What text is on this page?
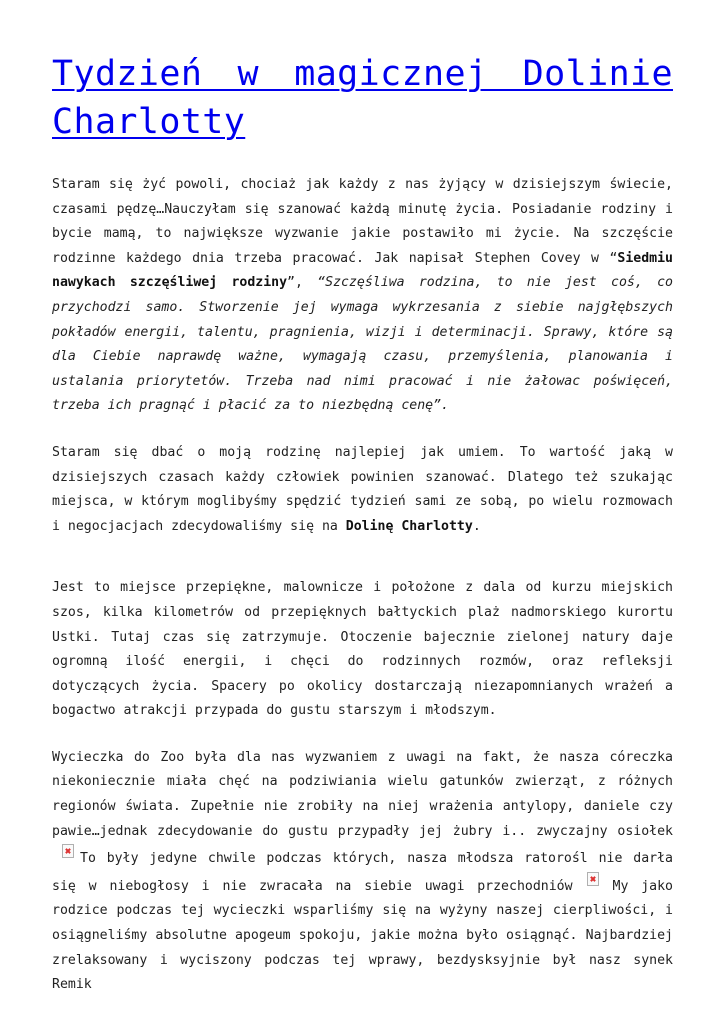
Tydzień w magicznej Dolinie Charlotty

Staram się żyć powoli, chociaż jak każdy z nas żyjący w dzisiejszym świecie, czasami pędzę…Nauczyłam się szanować każdą minutę życia. Posiadanie rodziny i bycie mamą, to największe wyzwanie jakie postawiło mi życie. Na szczęście rodzinne każdego dnia trzeba pracować. Jak napisał Stephen Covey w “Siedmiu nawykach szczęśliwej rodziny”, “Szczęśliwa rodzina, to nie jest coś, co przychodzi samo. Stworzenie jej wymaga wykrzesania z siebie najgłębszych pokładów energii, talentu, pragnienia, wizji i determinacji. Sprawy, które są dla Ciebie naprawdę ważne, wymagają czasu, przemyślenia, planowania i ustalania priorytetów. Trzeba nad nimi pracować i nie żałowac poświęceń, trzeba ich pragnąć i płacić za to niezbędną cenę”.

Staram się dbać o moją rodzinę najlepiej jak umiem. To wartość jaką w dzisiejszych czasach każdy człowiek powinien szanować. Dlatego też szukając miejsca, w którym moglibyśmy spędzić tydzień sami ze sobą, po wielu rozmowach i negocjacjach zdecydowaliśmy się na Dolinę Charlotty.

Jest to miejsce przepiękne, malownicze i położone z dala od kurzu miejskich szos, kilka kilometrów od przepięknych bałtyckich plaż nadmorskiego kurortu Ustki. Tutaj czas się zatrzymuje. Otoczenie bajecznie zielonej natury daje ogromną ilość energii, i chęci do rodzinnych rozmów, oraz refleksji dotyczących życia. Spacery po okolicy dostarczają niezapomnianych wrażeń a bogactwo atrakcji przypada do gustu starszym i młodszym.

Wycieczka do Zoo była dla nas wyzwaniem z uwagi na fakt, że nasza córeczka niekoniecznie miała chęć na podziwiania wielu gatunków zwierząt, z różnych regionów świata. Zupełnie nie zrobiły na niej wrażenia antylopy, daniele czy pawie…jednak zdecydowanie do gustu przypadły jej żubry i.. zwyczajny osiołekTo były jedyne chwile podczas których, nasza młodsza ratorośl nie darła się w niebogłosy i nie zwracała na siebie uwagi przechodniów	My jako rodzice podczas tej wycieczki wsparliśmy się na wyżyny naszej cierpliwości, i osiągneliśmy absolutne apogeum spokoju, jakie można było osiągnąć. Najbardziej zrelaksowany i wyciszony podczas tej wprawy, bezdysksyjnie był nasz synek Remik
